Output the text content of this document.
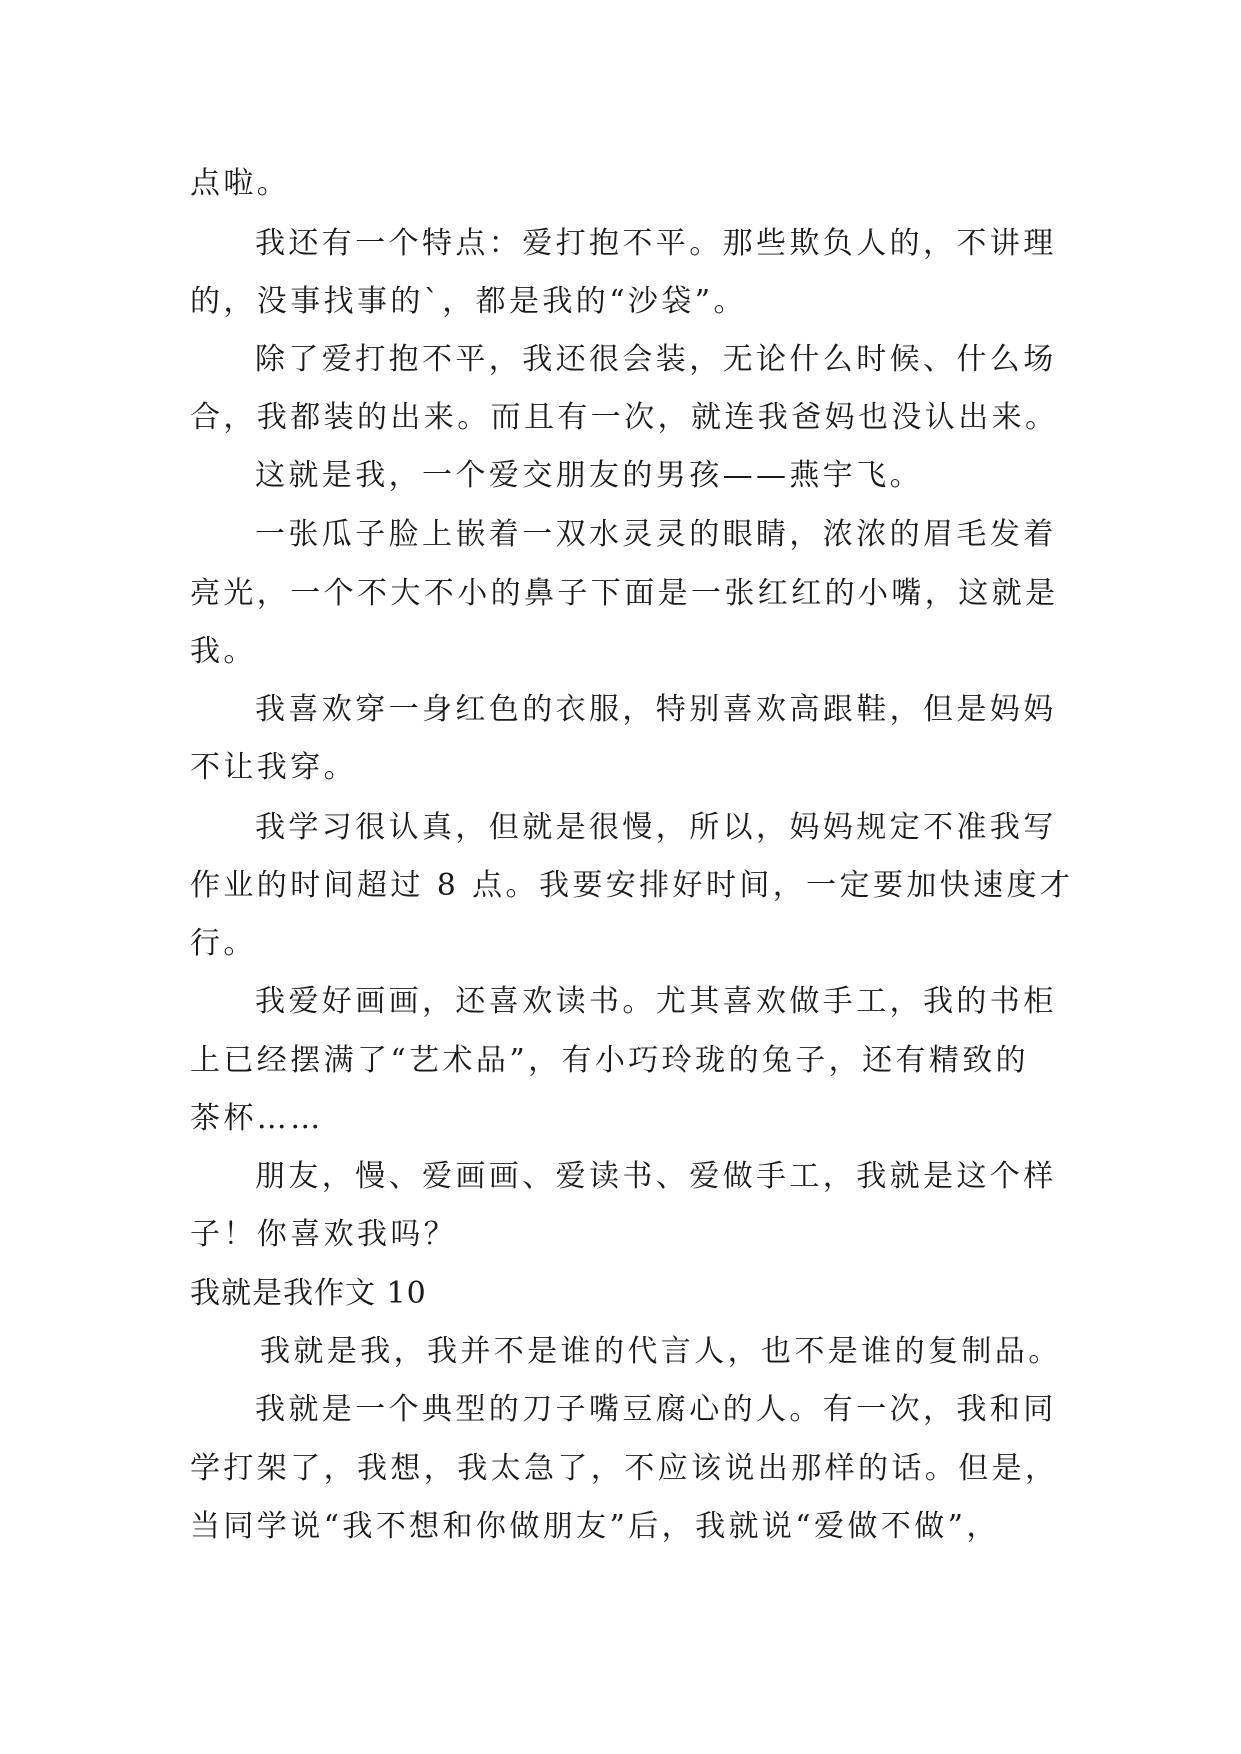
点啦。
我还有一个特点：爱打抱不平。那些欺负人的，不讲理
的，没事找事的`，都是我的“沙袋”。
除了爱打抱不平，我还很会装，无论什么时候、什么场
合，我都装的出来。而且有一次，就连我爸妈也没认出来。
这就是我，一个爱交朋友的男孩——燕宇飞。
一张瓜子脸上嵌着一双水灵灵的眼睛，浓浓的眉毛发着
亮光，一个不大不小的鼻子下面是一张红红的小嘴，这就是
我。
我喜欢穿一身红色的衣服，特别喜欢高跟鞋，但是妈妈
不让我穿。
我学习很认真，但就是很慢，所以，妈妈规定不准我写
作业的时间超过 8 点。我要安排好时间，一定要加快速度才
行。
我爱好画画，还喜欢读书。尤其喜欢做手工，我的书柜
上已经摆满了“艺术品”，有小巧玲珑的兔子，还有精致的
茶杯……
朋友，慢、爱画画、爱读书、爱做手工，我就是这个样
子！你喜欢我吗？
我就是我作文 10
我就是我，我并不是谁的代言人，也不是谁的复制品。
我就是一个典型的刀子嘴豆腐心的人。有一次，我和同
学打架了，我想，我太急了，不应该说出那样的话。但是，
当同学说“我不想和你做朋友”后，我就说“爱做不做”，
